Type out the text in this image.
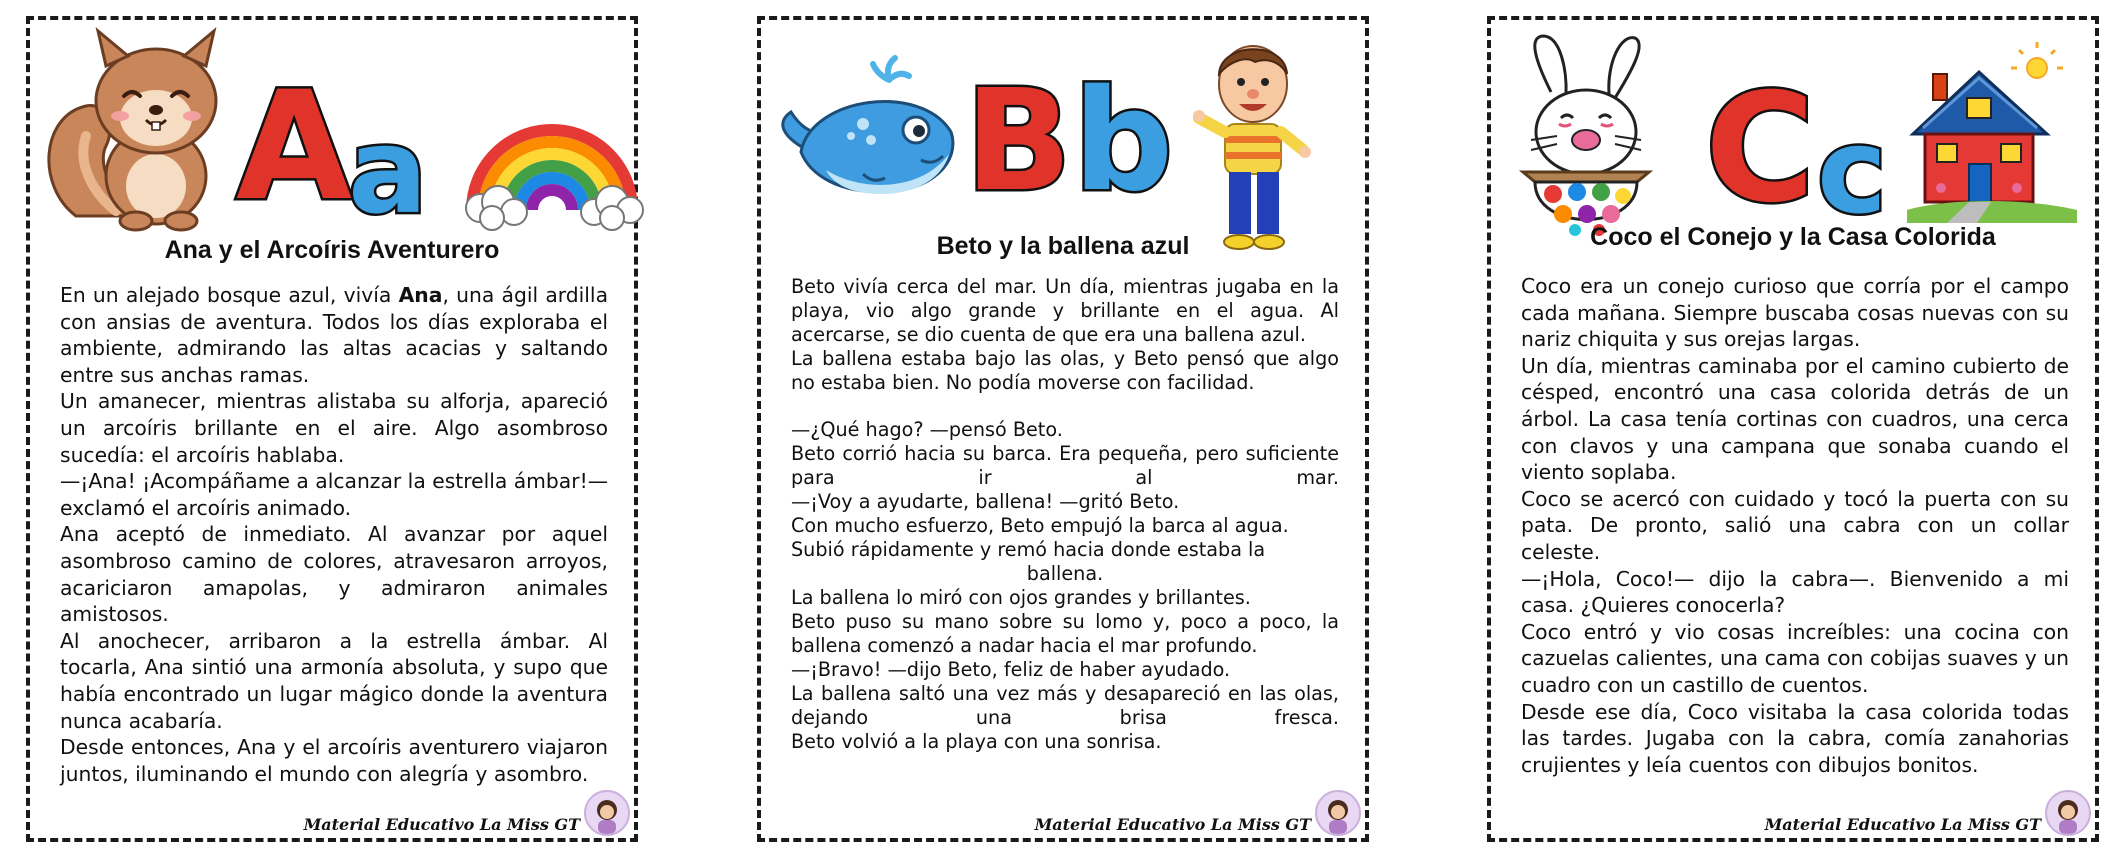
A
a
Ana y el Arcoíris Aventurero

En un alejado bosque azul, vivía Ana, una ágil ardilla con ansias de aventura. Todos los días exploraba el ambiente, admirando las altas acacias y saltando entre sus anchas ramas.

Un amanecer, mientras alistaba su alforja, apareció un arcoíris brillante en el aire. Algo asombroso sucedía: el arcoíris hablaba.

—¡Ana! ¡Acompáñame a alcanzar la estrella ámbar!— exclamó el arcoíris animado.

Ana aceptó de inmediato. Al avanzar por aquel asombroso camino de colores, atravesaron arroyos, acariciaron amapolas, y admiraron animales amistosos.

Al anochecer, arribaron a la estrella ámbar. Al tocarla, Ana sintió una armonía absoluta, y supo que había encontrado un lugar mágico donde la aventura nunca acabaría.

Desde entonces, Ana y el arcoíris aventurero viajaron juntos, iluminando el mundo con alegría y asombro.

Material Educativo La Miss GT
B b
Beto y la ballena azul

Beto vivía cerca del mar. Un día, mientras jugaba en la playa, vio algo grande y brillante en el agua. Al acercarse, se dio cuenta de que era una ballena azul.

La ballena estaba bajo las olas, y Beto pensó que algo no estaba bien. No podía moverse con facilidad.

—¿Qué hago? —pensó Beto.

Beto corrió hacia su barca. Era pequeña, pero suficiente para ir al mar.

—¡Voy a ayudarte, ballena! —gritó Beto.

Con mucho esfuerzo, Beto empujó la barca al agua.

Subió rápidamente y remó hacia donde estaba la

ballena.

La ballena lo miró con ojos grandes y brillantes.

Beto puso su mano sobre su lomo y, poco a poco, la ballena comenzó a nadar hacia el mar profundo.

—¡Bravo! —dijo Beto, feliz de haber ayudado.

La ballena saltó una vez más y desapareció en las olas, dejando una brisa fresca.

Beto volvió a la playa con una sonrisa.

Material Educativo La Miss GT
C c
Coco el Conejo y la Casa Colorida

Coco era un conejo curioso que corría por el campo cada mañana. Siempre buscaba cosas nuevas con su nariz chiquita y sus orejas largas.

Un día, mientras caminaba por el camino cubierto de césped, encontró una casa colorida detrás de un árbol. La casa tenía cortinas con cuadros, una cerca con clavos y una campana que sonaba cuando el viento soplaba.

Coco se acercó con cuidado y tocó la puerta con su pata. De pronto, salió una cabra con un collar celeste.

—¡Hola, Coco!— dijo la cabra—. Bienvenido a mi casa. ¿Quieres conocerla?

Coco entró y vio cosas increíbles: una cocina con cazuelas calientes, una cama con cobijas suaves y un cuadro con un castillo de cuentos.

Desde ese día, Coco visitaba la casa colorida todas las tardes. Jugaba con la cabra, comía zanahorias crujientes y leía cuentos con dibujos bonitos.

Material Educativo La Miss GT
